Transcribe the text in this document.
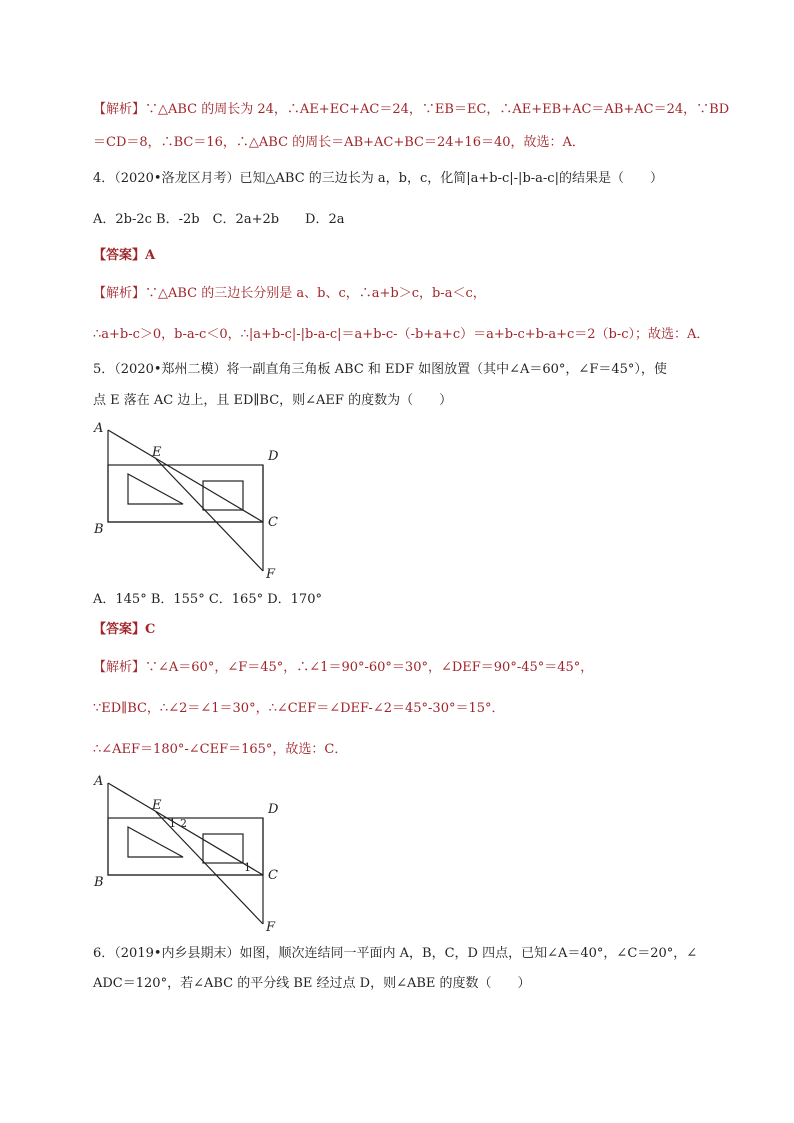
【解析】∵△ABC 的周长为 24，∴AE+EC+AC＝24，∵EB＝EC，∴AE+EB+AC＝AB+AC＝24，∵BD
＝CD＝8，∴BC＝16，∴△ABC 的周长＝AB+AC+BC＝24+16＝40，故选：A．
4．（2020•洛龙区月考）已知△ABC 的三边长为 a，b，c，化简|a+b-c|-|b-a-c|的结果是（　　）
A．2b-2c B．-2b　C．2a+2b　　D．2a
【答案】A
【解析】∵△ABC 的三边长分别是 a、b、c，∴a+b＞c，b-a＜c，
∴a+b-c＞0，b-a-c＜0，∴|a+b-c|-|b-a-c|＝a+b-c-（-b+a+c）＝a+b-c+b-a+c＝2（b-c）；故选：A．
5．（2020•郑州二模）将一副直角三角板 ABC 和 EDF 如图放置（其中∠A＝60°，∠F＝45°），使
点 E 落在 AC 边上，且 ED∥BC，则∠AEF 的度数为（　　）
A
B	C
D
E
F
A．145° B．155° C．165° D．170°
【答案】C
【解析】∵∠A＝60°，∠F＝45°，∴∠1＝90°-60°＝30°，∠DEF＝90°-45°＝45°，
∵ED∥BC，∴∠2＝∠1＝30°，∴∠CEF＝∠DEF-∠2＝45°-30°＝15°．
∴∠AEF＝180°-∠CEF＝165°，故选：C．
A
B	C
D
E
F
1 2
1
6．（2019•内乡县期末）如图，顺次连结同一平面内 A，B，C，D 四点，已知∠A＝40°，∠C＝20°，∠
ADC＝120°，若∠ABC 的平分线 BE 经过点 D，则∠ABE 的度数（　　）
